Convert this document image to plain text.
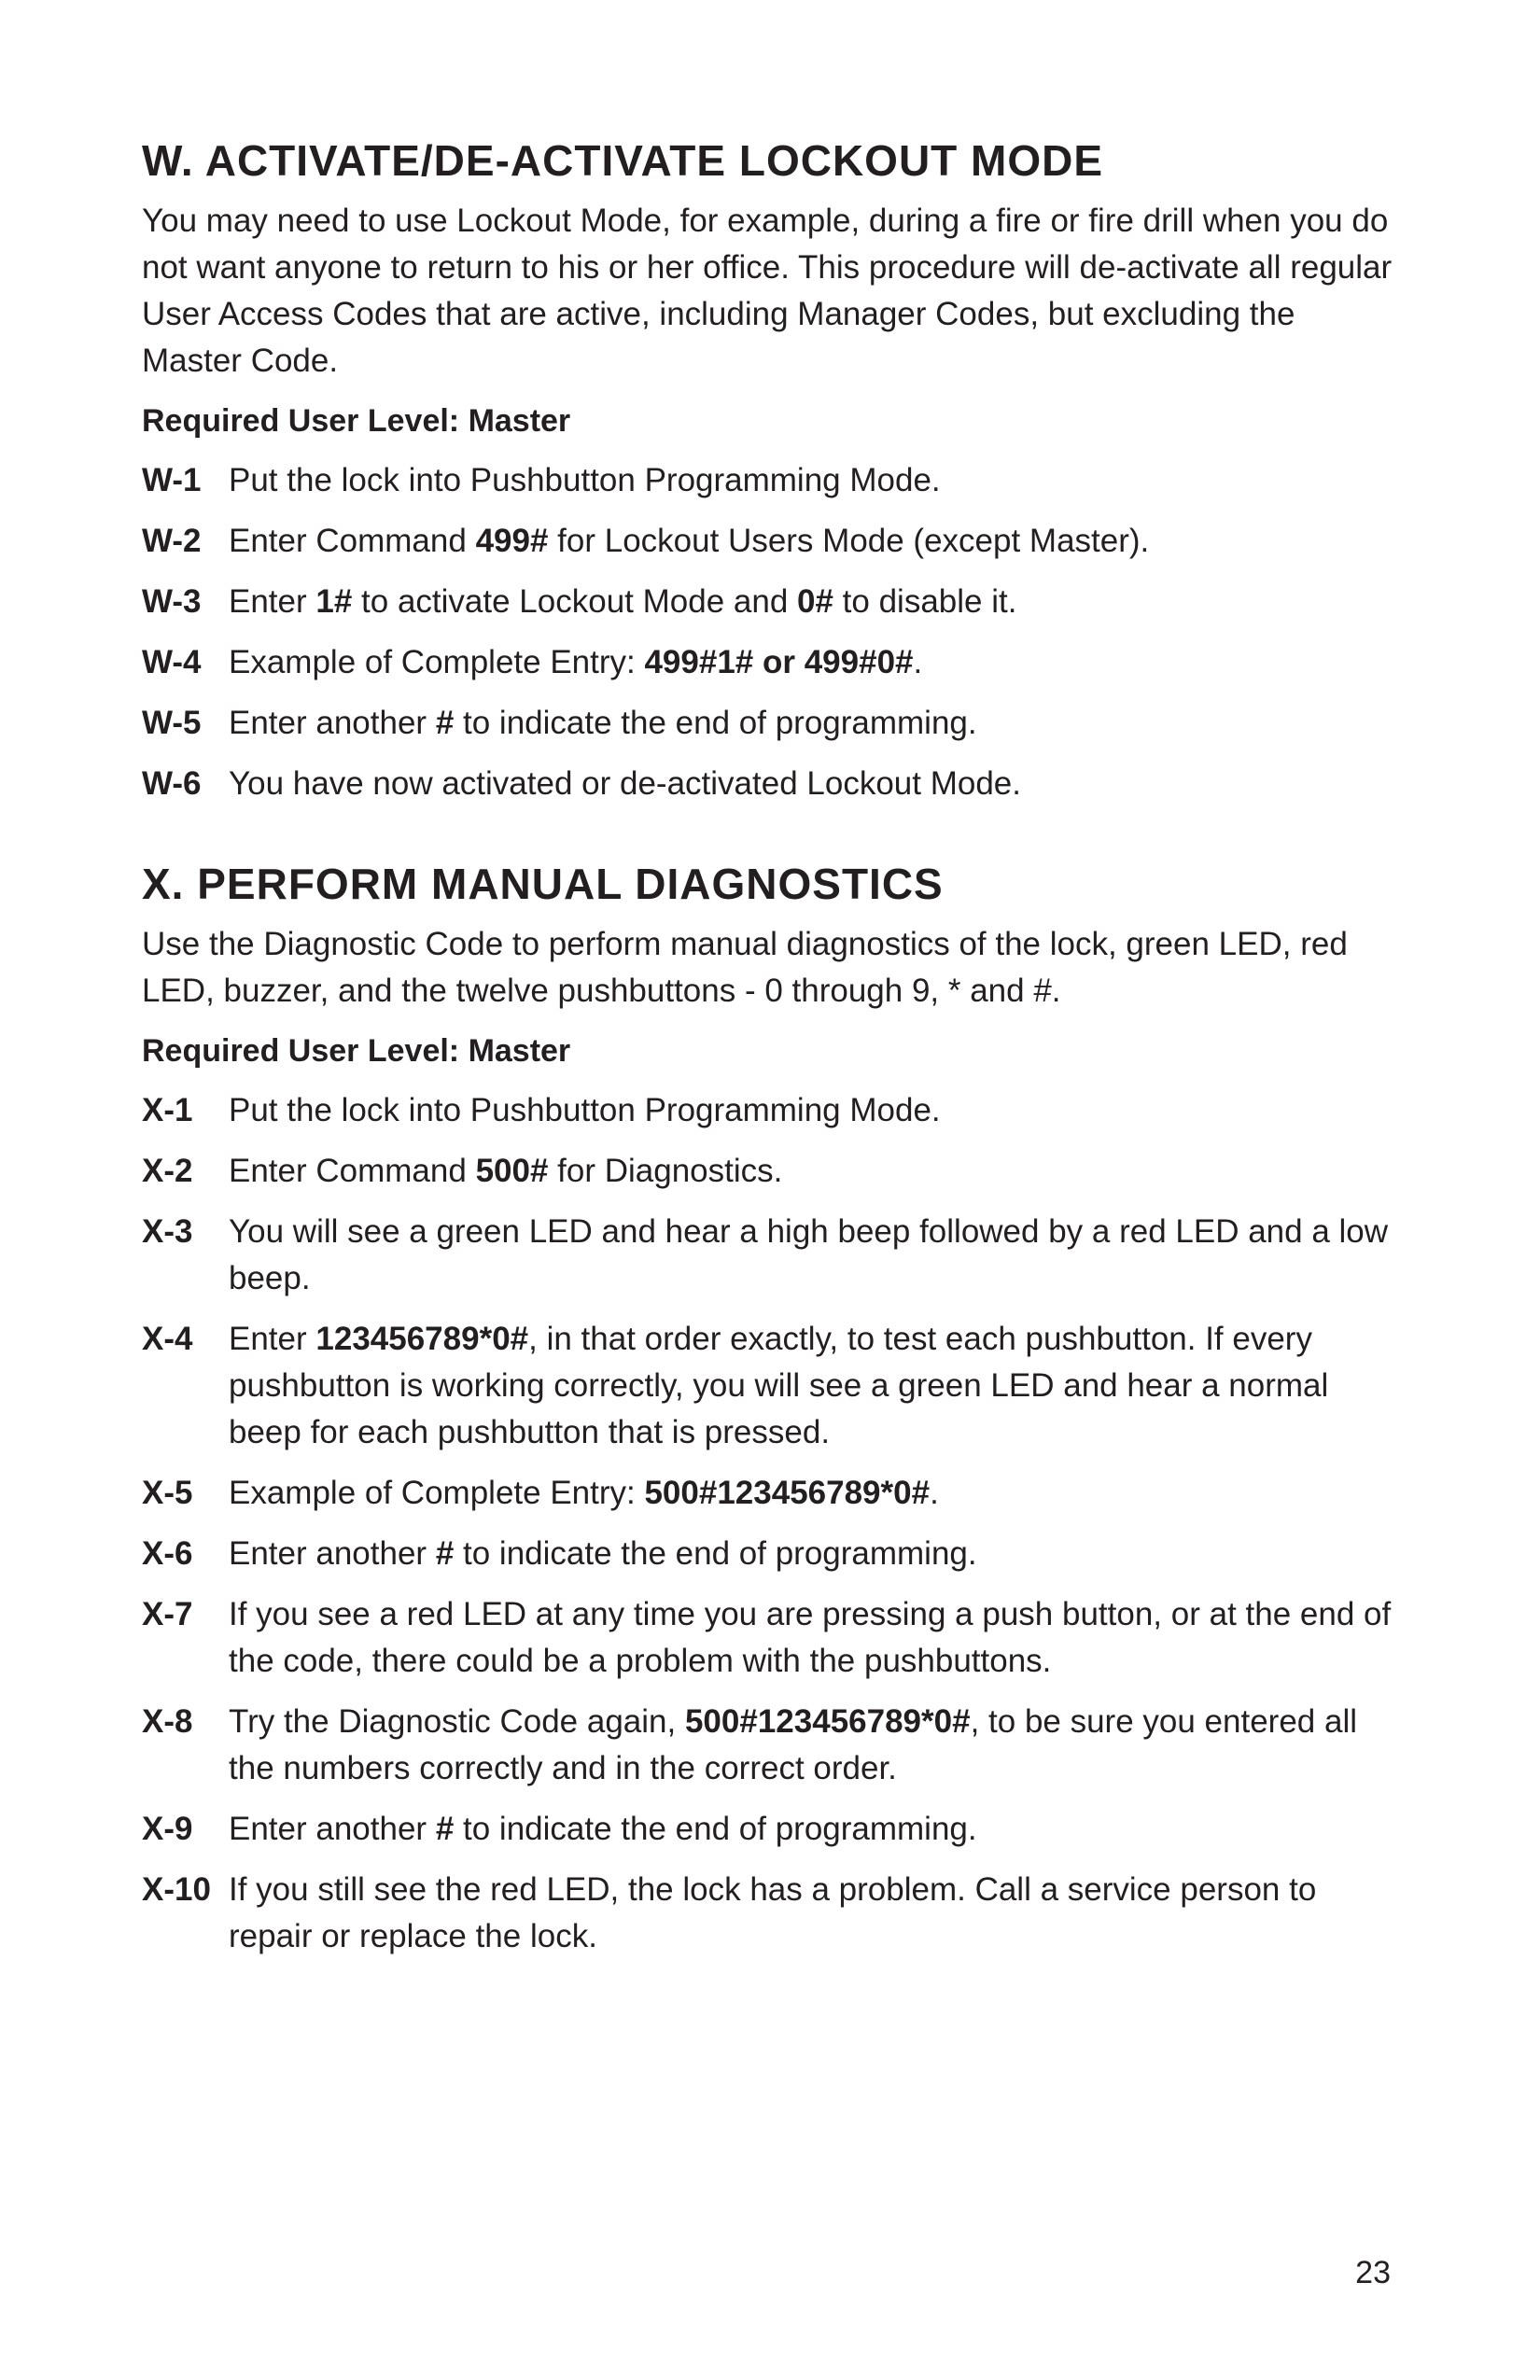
W. ACTIVATE/DE-ACTIVATE LOCKOUT MODE

You may need to use Lockout Mode, for example, during a fire or fire drill when you do not want anyone to return to his or her office. This procedure will de-activate all regular User Access Codes that are active, including Manager Codes, but excluding the Master Code.

Required User Level: Master
W-1 Put the lock into Pushbutton Programming Mode.
W-2 Enter Command 499# for Lockout Users Mode (except Master).
W-3 Enter 1# to activate Lockout Mode and 0# to disable it.
W-4 Example of Complete Entry: 499#1# or 499#0#.
W-5 Enter another # to indicate the end of programming.
W-6 You have now activated or de-activated Lockout Mode.
X. PERFORM MANUAL DIAGNOSTICS

Use the Diagnostic Code to perform manual diagnostics of the lock, green LED, red LED, buzzer, and the twelve pushbuttons - 0 through 9, * and #.

Required User Level: Master
X-1	Put the lock into Pushbutton Programming Mode.
X-2	Enter Command 500# for Diagnostics.
X-3	You will see a green LED and hear a high beep followed by a red LED and a low beep.
X-4	Enter 123456789*0#, in that order exactly, to test each pushbutton. If every pushbutton is working correctly, you will see a green LED and hear a normal beep for each pushbutton that is pressed.
X-5	Example of Complete Entry: 500#123456789*0#.
X-6	Enter another # to indicate the end of programming.
X-7	If you see a red LED at any time you are pressing a push button, or at the end of the code, there could be a problem with the pushbuttons.
X-8	Try the Diagnostic Code again, 500#123456789*0#, to be sure you entered all the numbers correctly and in the correct order.
X-9	Enter another # to indicate the end of programming.
X-10 If you still see the red LED, the lock has a problem. Call a service person to repair or replace the lock.
23
